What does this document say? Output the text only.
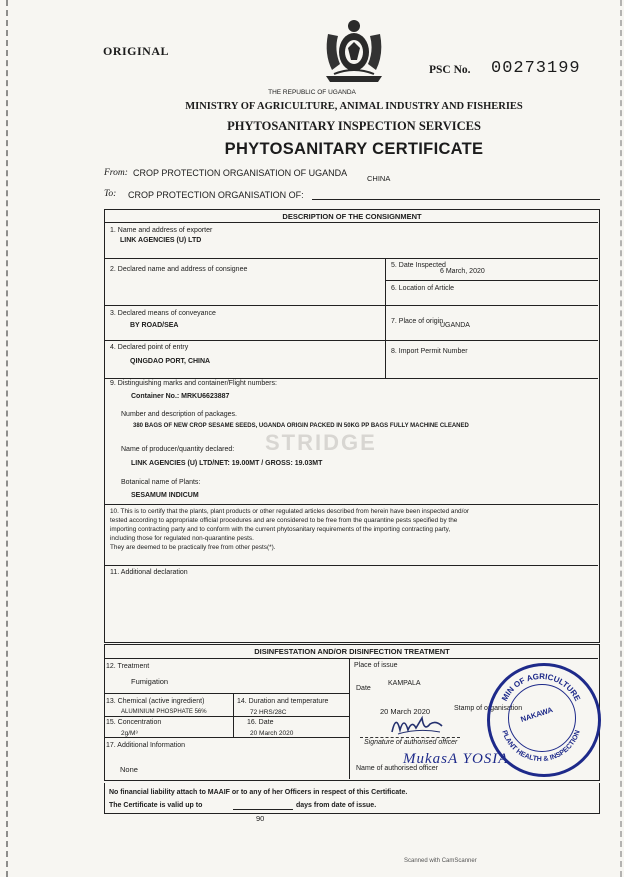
ORIGINAL
PSC No. 00273199
THE REPUBLIC OF UGANDA
MINISTRY OF AGRICULTURE, ANIMAL INDUSTRY AND FISHERIES
PHYTOSANITARY INSPECTION SERVICES
PHYTOSANITARY CERTIFICATE
From: CROP PROTECTION ORGANISATION OF UGANDA
CHINA
To: CROP PROTECTION ORGANISATION OF:
DESCRIPTION OF THE CONSIGNMENT
1. Name and address of exporter
LINK AGENCIES (U) LTD
2. Declared name and address of consignee
5. Date Inspected
6 March, 2020
6. Location of Article
3. Declared means of conveyance
BY ROAD/SEA
7. Place of origin
UGANDA
4. Declared point of entry
QINGDAO PORT, CHINA
8. Import Permit Number
9. Distinguishing marks and container/Flight numbers:
Container No.: MRKU6623887
Number and description of packages.
380 BAGS OF NEW CROP SESAME SEEDS, UGANDA ORIGIN PACKED IN 50KG PP BAGS FULLY MACHINE CLEANED
STRIDGE
Name of producer/quantity declared:
LINK AGENCIES (U) LTD/NET: 19.00MT / GROSS: 19.03MT
Botanical name of Plants:
SESAMUM INDICUM
10. This is to certify that the plants, plant products or other regulated articles described from herein have been inspected and/or
tested according to appropriate official procedures and are considered to be free from the quarantine pests specified by the
importing contracting party and to conform with the current phytosanitary requirements of the importing contracting party,
including those for regulated non-quarantine pests.
They are deemed to be practically free from other pests(*).
11. Additional declaration
DISINFESTATION AND/OR DISINFECTION TREATMENT
12. Treatment
Fumigation
13. Chemical (active ingredient)
ALUMINIUM PHOSPHATE 56%
14. Duration and temperature
72 HRS/28C
15. Concentration
2g/M³
16. Date
20 March 2020
17. Additional Information
None
Place of issue
Date
KAMPALA
20 March 2020	Stamp of organisation
Signature of authorised officer
Name of authorised officer
MukasA YOSIA
MIN OF AGRICULTURE
PLANT HEALTH & INSPECTION
NAKAWA
No financial liability attach to MAAIF or to any of her Officers in respect of this Certificate.
The Certificate is valid up to	days from date of issue.
90
Scanned with CamScanner
